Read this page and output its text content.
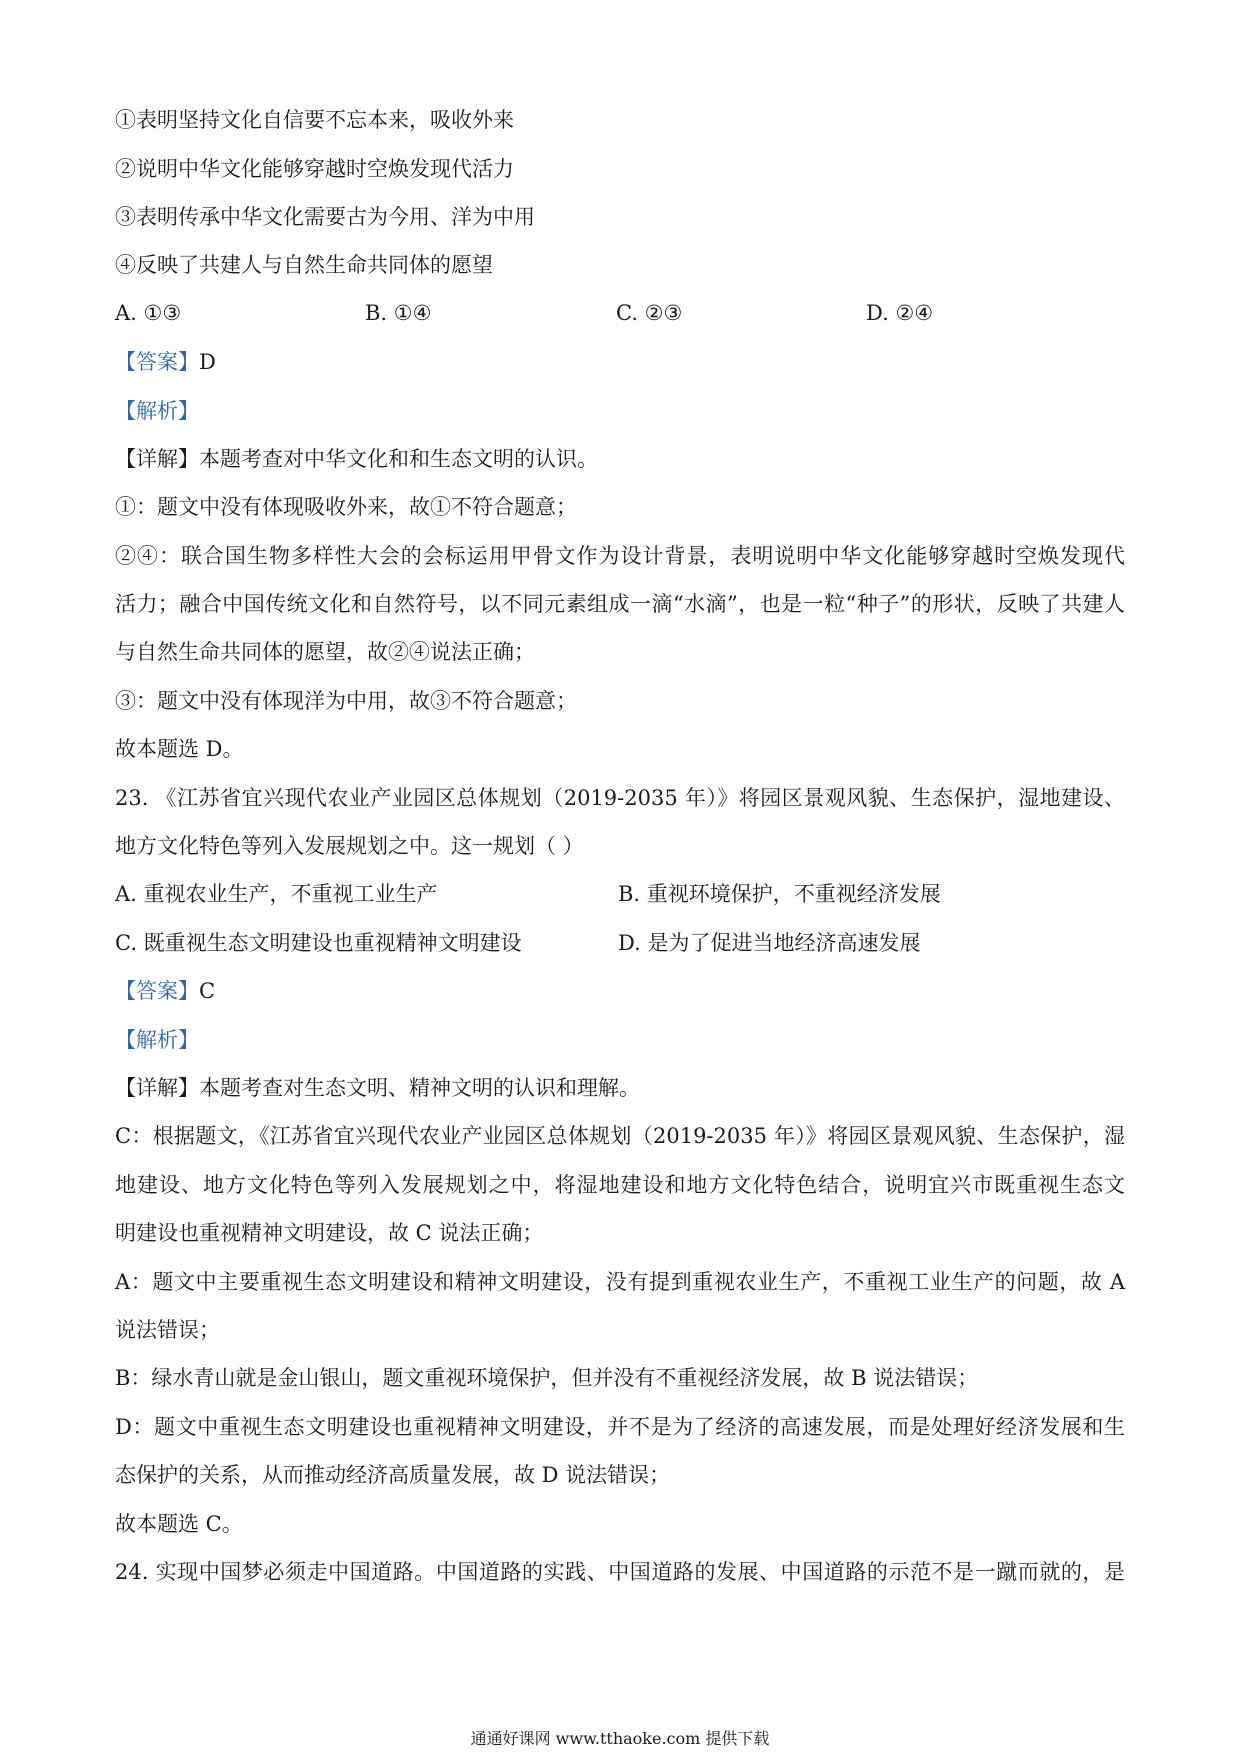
①表明坚持文化自信要不忘本来，吸收外来
②说明中华文化能够穿越时空焕发现代活力
③表明传承中华文化需要古为今用、洋为中用
④反映了共建人与自然生命共同体的愿望
A. ①③	B. ①④	C. ②③	D. ②④
【答案】D
【解析】
【详解】本题考查对中华文化和和生态文明的认识。
①：题文中没有体现吸收外来，故①不符合题意；
②④：联合国生物多样性大会的会标运用甲骨文作为设计背景，表明说明中华文化能够穿越时空焕发现代
活力；融合中国传统文化和自然符号，以不同元素组成一滴“水滴”，也是一粒“种子”的形状，反映了共建人
与自然生命共同体的愿望，故②④说法正确；
③：题文中没有体现洋为中用，故③不符合题意；
故本题选 D。
23. 《江苏省宜兴现代农业产业园区总体规划（2019-2035 年）》将园区景观风貌、生态保护，湿地建设、
地方文化特色等列入发展规划之中。这一规划（ ）
A. 重视农业生产，不重视工业生产	B. 重视环境保护，不重视经济发展
C. 既重视生态文明建设也重视精神文明建设	D. 是为了促进当地经济高速发展
【答案】C
【解析】
【详解】本题考查对生态文明、精神文明的认识和理解。
C：根据题文，《江苏省宜兴现代农业产业园区总体规划（2019-2035 年）》将园区景观风貌、生态保护，湿
地建设、地方文化特色等列入发展规划之中，将湿地建设和地方文化特色结合，说明宜兴市既重视生态文
明建设也重视精神文明建设，故 C 说法正确；
A：题文中主要重视生态文明建设和精神文明建设，没有提到重视农业生产，不重视工业生产的问题，故 A
说法错误；
B：绿水青山就是金山银山，题文重视环境保护，但并没有不重视经济发展，故 B 说法错误；
D：题文中重视生态文明建设也重视精神文明建设，并不是为了经济的高速发展，而是处理好经济发展和生
态保护的关系，从而推动经济高质量发展，故 D 说法错误；
故本题选 C。
24. 实现中国梦必须走中国道路。中国道路的实践、中国道路的发展、中国道路的示范不是一蹴而就的，是
通通好课网 www.tthaoke.com 提供下载
